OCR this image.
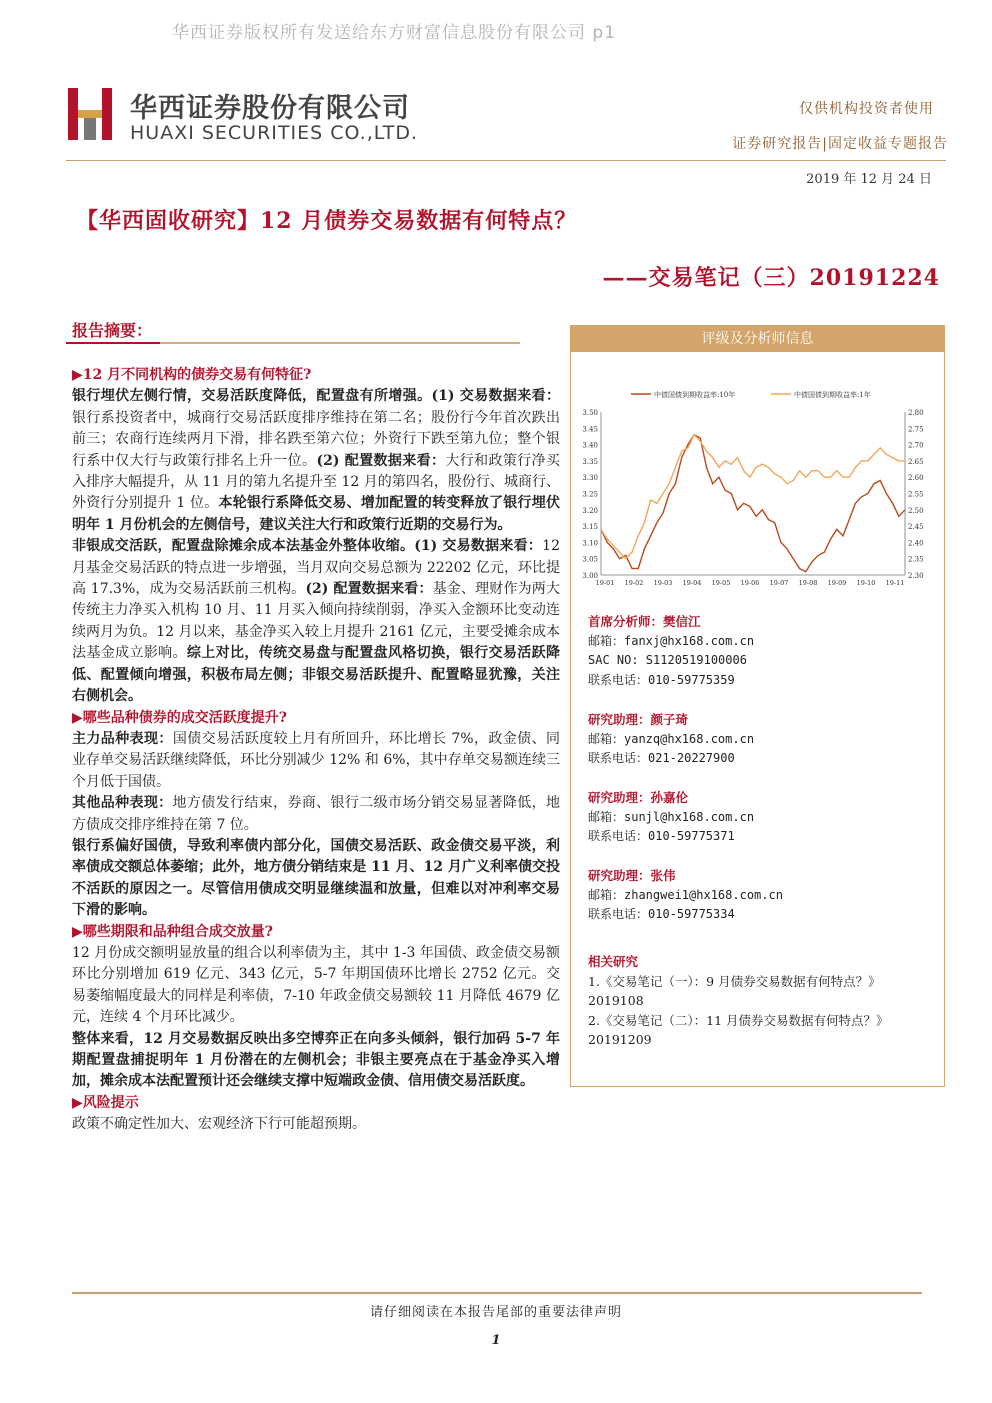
华西证券版权所有发送给东方财富信息股份有限公司 p1
华西证券股份有限公司
HUAXI SECURITIES CO.,LTD.
仅供机构投资者使用
证券研究报告|固定收益专题报告
2019 年 12 月 24 日
【华西固收研究】12 月债券交易数据有何特点？
——交易笔记（三）20191224
报告摘要：

▶12 月不同机构的债券交易有何特征?

银行埋伏左侧行情，交易活跃度降低，配置盘有所增强。(1) 交易数据来看：银行系投资者中，城商行交易活跃度排序维持在第二名；股份行今年首次跌出前三；农商行连续两月下滑，排名跌至第六位；外资行下跌至第九位；整个银行系中仅大行与政策行排名上升一位。(2) 配置数据来看：大行和政策行净买入排序大幅提升，从 11 月的第九名提升至 12 月的第四名，股份行、城商行、外资行分别提升 1 位。本轮银行系降低交易、增加配置的转变释放了银行埋伏明年 1 月份机会的左侧信号，建议关注大行和政策行近期的交易行为。

非银成交活跃，配置盘除摊余成本法基金外整体收缩。(1) 交易数据来看：12 月基金交易活跃的特点进一步增强，当月双向交易总额为 22202 亿元，环比提高 17.3%，成为交易活跃前三机构。(2) 配置数据来看：基金、理财作为两大传统主力净买入机构 10 月、11 月买入倾向持续削弱，净买入金额环比变动连续两月为负。12 月以来，基金净买入较上月提升 2161 亿元，主要受摊余成本法基金成立影响。综上对比，传统交易盘与配置盘风格切换，银行交易活跃降低、配置倾向增强，积极布局左侧；非银交易活跃提升、配置略显犹豫，关注右侧机会。

▶哪些品种债券的成交活跃度提升?

主力品种表现：国债交易活跃度较上月有所回升，环比增长 7%，政金债、同业存单交易活跃继续降低，环比分别减少 12% 和 6%，其中存单交易额连续三个月低于国债。

其他品种表现：地方债发行结束，券商、银行二级市场分销交易显著降低，地方债成交排序维持在第 7 位。

银行系偏好国债，导致利率债内部分化，国债交易活跃、政金债交易平淡，利率债成交额总体萎缩；此外，地方债分销结束是 11 月、12 月广义利率债交投不活跃的原因之一。尽管信用债成交明显继续温和放量，但难以对冲利率交易下滑的影响。

▶哪些期限和品种组合成交放量?

12 月份成交额明显放量的组合以利率债为主，其中 1-3 年国债、政金债交易额环比分别增加 619 亿元、343 亿元，5-7 年期国债环比增长 2752 亿元。交易萎缩幅度最大的同样是利率债，7-10 年政金债交易额较 11 月降低 4679 亿元，连续 4 个月环比减少。

整体来看，12 月交易数据反映出多空博弈正在向多头倾斜，银行加码 5-7 年期配置盘捕捉明年 1 月份潜在的左侧机会；非银主要亮点在于基金净买入增加，摊余成本法配置预计还会继续支撑中短端政金债、信用债交易活跃度。

▶风险提示

政策不确定性加大、宏观经济下行可能超预期。

评级及分析师信息
3.50
3.45
3.40
3.35
3.30
3.25
3.20
3.15
3.10
3.05
3.00
2.80
2.75
2.70
2.65
2.60
2.55
2.50
2.45
2.40
2.35
2.30
19-01 19-02 19-03 19-04 19-05 19-06 19-07 19-08 19-09 19-10 19-11
中债国债到期收益率:10年	中债国债到期收益率:1年
首席分析师：樊信江
邮箱：fanxj@hx168.com.cn
SAC NO: S1120519100006
联系电话：010-59775359
研究助理：颜子琦
邮箱：yanzq@hx168.com.cn
联系电话：021-20227900
研究助理：孙嘉伦
邮箱：sunjl@hx168.com.cn
联系电话：010-59775371
研究助理：张伟
邮箱：zhangwei1@hx168.com.cn
联系电话：010-59775334
相关研究
1.《交易笔记（一）：9 月债券交易数据有何特点？》2019108
2.《交易笔记（二）：11 月债券交易数据有何特点？》20191209
请仔细阅读在本报告尾部的重要法律声明
1
